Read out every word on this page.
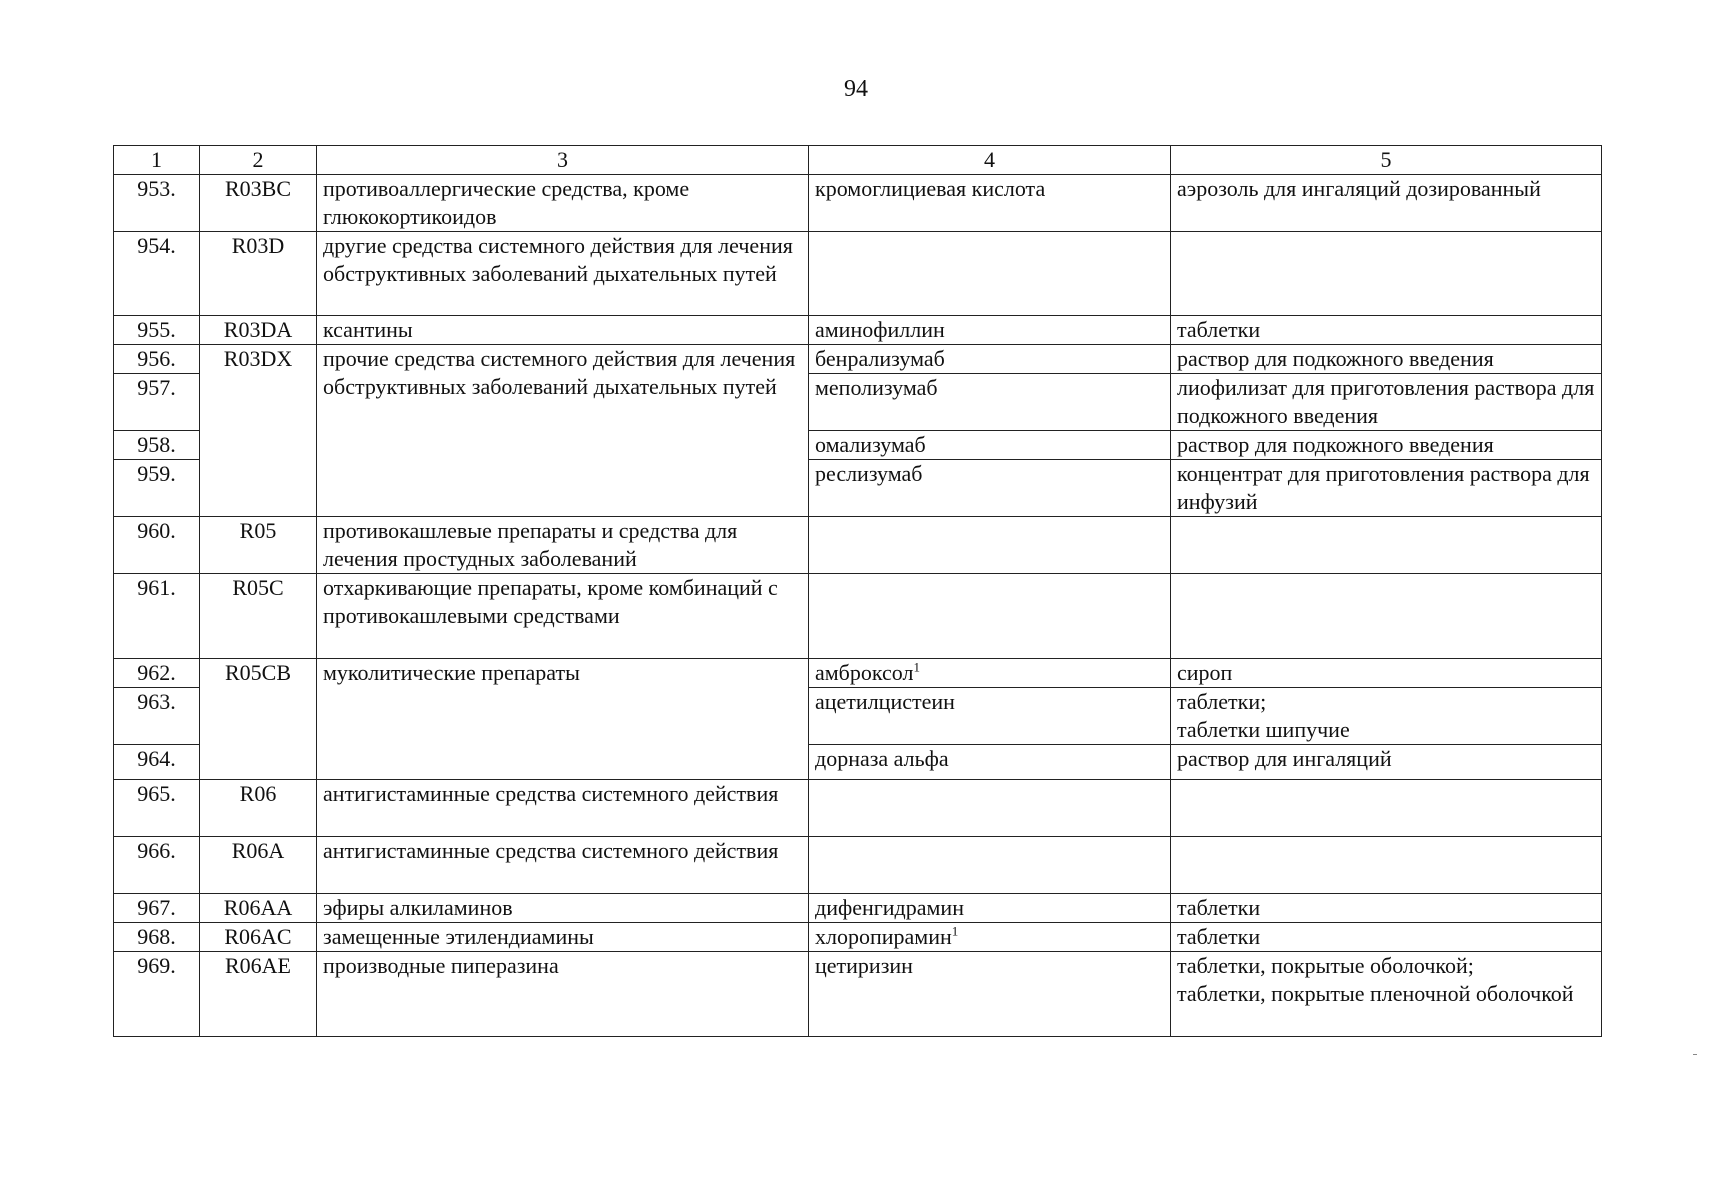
94
1	2	3	4	5
953.	R03BC	противоаллергические средства, кроме глюкокортикоидов	кромоглициевая кислота	аэрозоль для ингаляций дозированный
954.	R03D	другие средства системного действия для лечения обструктивных заболеваний дыхательных путей		
955.	R03DA	ксантины	аминофиллин	таблетки
956.	R03DX	прочие средства системного действия для лечения обструктивных заболеваний дыхательных путей	бенрализумаб	раствор для подкожного введения
957.			меполизумаб	лиофилизат для приготовления раствора для подкожного введения
958.			омализумаб	раствор для подкожного введения
959.			реслизумаб	концентрат для приготовления раствора для инфузий
960.	R05	противокашлевые препараты и средства для лечения простудных заболеваний		
961.	R05C	отхаркивающие препараты, кроме комбинаций с противокашлевыми средствами		
962.	R05CB	муколитические препараты	амброксол$^1$	сироп
963.			ацетилцистеин	таблетки;
таблетки шипучие

964.			дорназа альфа	раствор для ингаляций
965.	R06	антигистаминные средства системного действия		
966.	R06A	антигистаминные средства системного действия		
967.	R06AA	эфиры алкиламинов	дифенгидрамин	таблетки
968.	R06AC	замещенные этилендиамины	хлоропирамин$^1$	таблетки
969.	R06AE	производные пиперазина	цетиризин	таблетки, покрытые оболочкой;
таблетки, покрытые пленочной оболочкой
